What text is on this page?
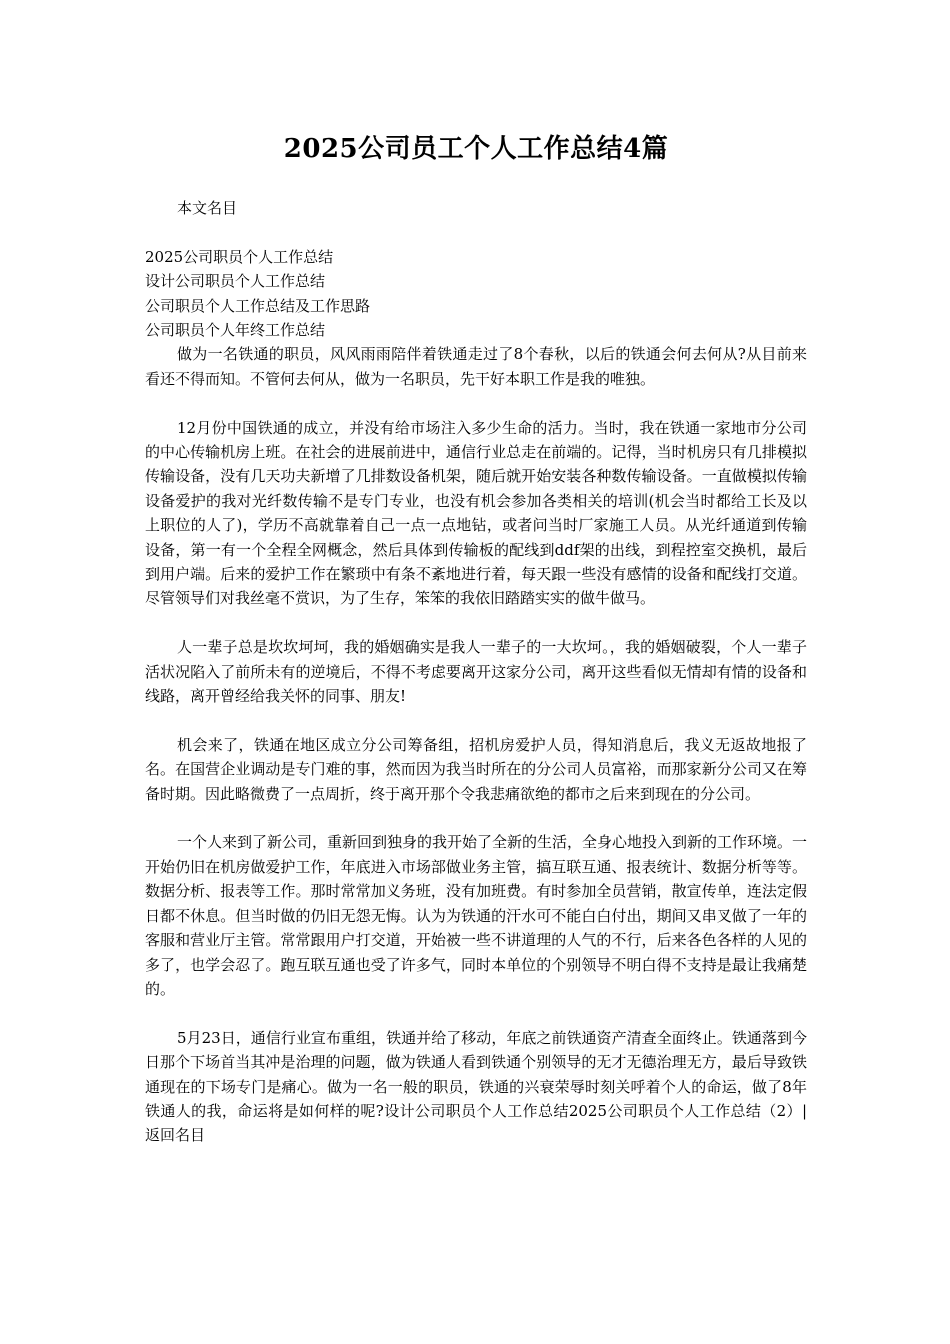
2025公司员工个人工作总结4篇

本文名目

2025公司职员个人工作总结
设计公司职员个人工作总结
公司职员个人工作总结及工作思路
公司职员个人年终工作总结

做为一名铁通的职员，风风雨雨陪伴着铁通走过了8个春秋，以后的铁通会何去何从?从目前来看还不得而知。不管何去何从，做为一名职员，先干好本职工作是我的唯独。

12月份中国铁通的成立，并没有给市场注入多少生命的活力。当时，我在铁通一家地市分公司的中心传输机房上班。在社会的进展前进中，通信行业总走在前端的。记得，当时机房只有几排模拟传输设备，没有几天功夫新增了几排数设备机架，随后就开始安装各种数传输设备。一直做模拟传输设备爱护的我对光纤数传输不是专门专业，也没有机会参加各类相关的培训(机会当时都给工长及以上职位的人了)，学历不高就靠着自己一点一点地钻，或者问当时厂家施工人员。从光纤通道到传输设备，第一有一个全程全网概念，然后具体到传输板的配线到ddf架的出线，到程控室交换机，最后到用户端。后来的爱护工作在繁琐中有条不紊地进行着，每天跟一些没有感情的设备和配线打交道。尽管领导们对我丝毫不赏识，为了生存，笨笨的我依旧踏踏实实的做牛做马。

人一辈子总是坎坎坷坷，我的婚姻确实是我人一辈子的一大坎坷。，我的婚姻破裂，个人一辈子活状况陷入了前所未有的逆境后，不得不考虑要离开这家分公司，离开这些看似无情却有情的设备和线路，离开曾经给我关怀的同事、朋友!

机会来了，铁通在地区成立分公司筹备组，招机房爱护人员，得知消息后，我义无返故地报了名。在国营企业调动是专门难的事，然而因为我当时所在的分公司人员富裕，而那家新分公司又在筹备时期。因此略微费了一点周折，终于离开那个令我悲痛欲绝的都市之后来到现在的分公司。

一个人来到了新公司，重新回到独身的我开始了全新的生活，全身心地投入到新的工作环境。一开始仍旧在机房做爱护工作，年底进入市场部做业务主管，搞互联互通、报表统计、数据分析等等。数据分析、报表等工作。那时常常加义务班，没有加班费。有时参加全员营销，散宣传单，连法定假日都不休息。但当时做的仍旧无怨无悔。认为为铁通的汗水可不能白白付出，期间又串叉做了一年的客服和营业厅主管。常常跟用户打交道，开始被一些不讲道理的人气的不行，后来各色各样的人见的多了，也学会忍了。跑互联互通也受了许多气，同时本单位的个别领导不明白得不支持是最让我痛楚的。

5月23日，通信行业宣布重组，铁通并给了移动，年底之前铁通资产清查全面终止。铁通落到今日那个下场首当其冲是治理的问题，做为铁通人看到铁通个别领导的无才无德治理无方，最后导致铁通现在的下场专门是痛心。做为一名一般的职员，铁通的兴衰荣辱时刻关呼着个人的命运，做了8年铁通人的我，命运将是如何样的呢?设计公司职员个人工作总结2025公司职员个人工作总结（2）| 返回名目
